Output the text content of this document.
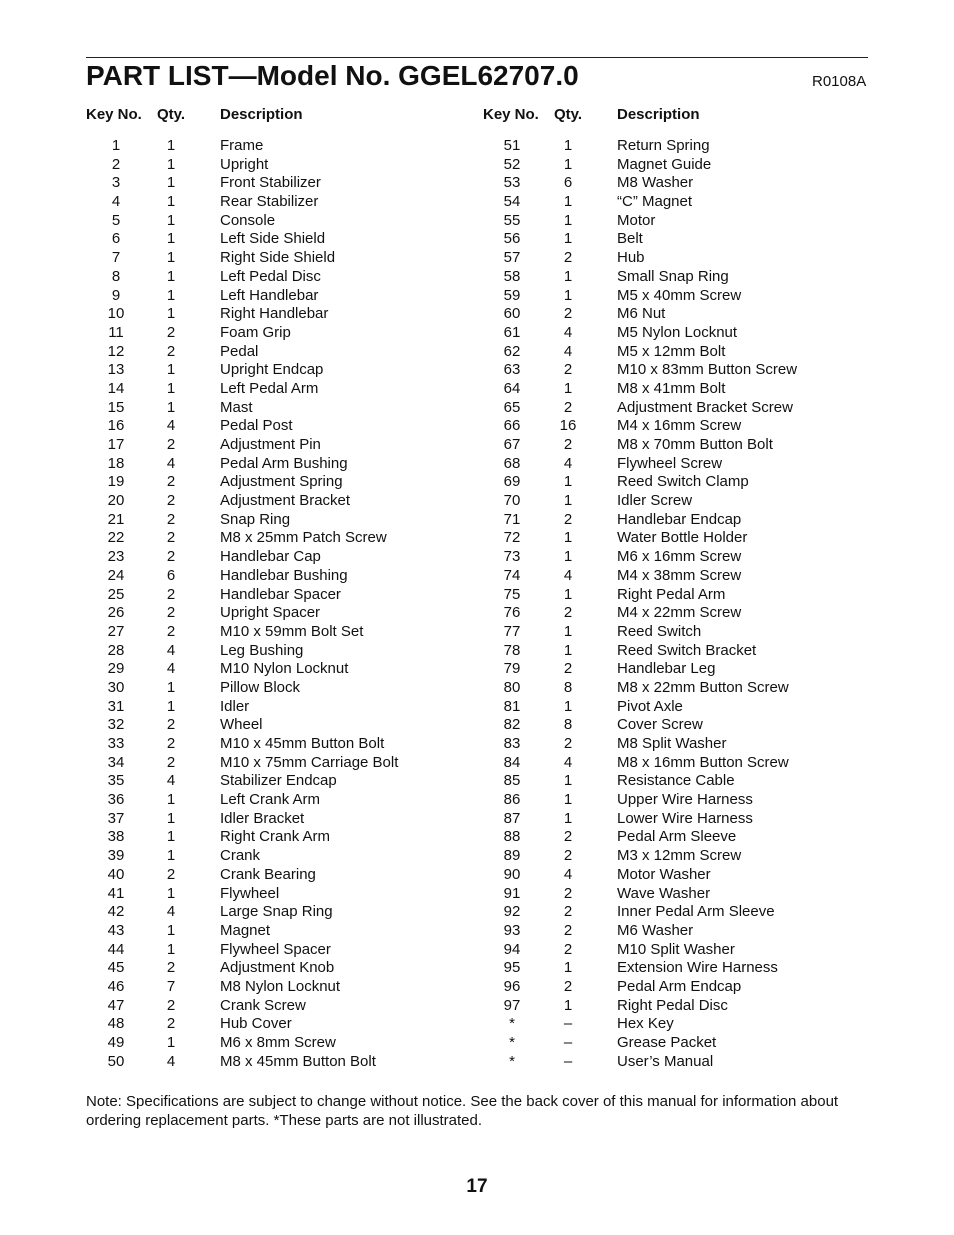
PART LIST—Model No. GGEL62707.0	R0108A
Key No. Qty. Description	Key No. Qty. Description
1	1	Frame
2	1	Upright
3	1	Front Stabilizer
4	1	Rear Stabilizer
5	1	Console
6	1	Left Side Shield
7	1	Right Side Shield
8	1	Left Pedal Disc
9	1	Left Handlebar
10	1	Right Handlebar
11	2	Foam Grip
12	2	Pedal
13	1	Upright Endcap
14	1	Left Pedal Arm
15	1	Mast
16	4	Pedal Post
17	2	Adjustment Pin
18	4	Pedal Arm Bushing
19	2	Adjustment Spring
20	2	Adjustment Bracket
21	2	Snap Ring
22	2	M8 x 25mm Patch Screw
23	2	Handlebar Cap
24	6	Handlebar Bushing
25	2	Handlebar Spacer
26	2	Upright Spacer
27	2	M10 x 59mm Bolt Set
28	4	Leg Bushing
29	4	M10 Nylon Locknut
30	1	Pillow Block
31	1	Idler
32	2	Wheel
33	2	M10 x 45mm Button Bolt
34	2	M10 x 75mm Carriage Bolt
35	4	Stabilizer Endcap
36	1	Left Crank Arm
37	1	Idler Bracket
38	1	Right Crank Arm
39	1	Crank
40	2	Crank Bearing
41	1	Flywheel
42	4	Large Snap Ring
43	1	Magnet
44	1	Flywheel Spacer
45	2	Adjustment Knob
46	7	M8 Nylon Locknut
47	2	Crank Screw
48	2	Hub Cover
49	1	M6 x 8mm Screw
50	4	M8 x 45mm Button Bolt
51	1	Return Spring
52	1	Magnet Guide
53	6	M8 Washer
54	1	“C” Magnet
55	1	Motor
56	1	Belt
57	2	Hub
58	1	Small Snap Ring
59	1	M5 x 40mm Screw
60	2	M6 Nut
61	4	M5 Nylon Locknut
62	4	M5 x 12mm Bolt
63	2	M10 x 83mm Button Screw
64	1	M8 x 41mm Bolt
65	2	Adjustment Bracket Screw
66	16	M4 x 16mm Screw
67	2	M8 x 70mm Button Bolt
68	4	Flywheel Screw
69	1	Reed Switch Clamp
70	1	Idler Screw
71	2	Handlebar Endcap
72	1	Water Bottle Holder
73	1	M6 x 16mm Screw
74	4	M4 x 38mm Screw
75	1	Right Pedal Arm
76	2	M4 x 22mm Screw
77	1	Reed Switch
78	1	Reed Switch Bracket
79	2	Handlebar Leg
80	8	M8 x 22mm Button Screw
81	1	Pivot Axle
82	8	Cover Screw
83	2	M8 Split Washer
84	4	M8 x 16mm Button Screw
85	1	Resistance Cable
86	1	Upper Wire Harness
87	1	Lower Wire Harness
88	2	Pedal Arm Sleeve
89	2	M3 x 12mm Screw
90	4	Motor Washer
91	2	Wave Washer
92	2	Inner Pedal Arm Sleeve
93	2	M6 Washer
94	2	M10 Split Washer
95	1	Extension Wire Harness
96	2	Pedal Arm Endcap
97	1	Right Pedal Disc
*	–	Hex Key
*	–	Grease Packet
*	–	User’s Manual
Note: Specifications are subject to change without notice. See the back cover of this manual for information about ordering replacement parts. *These parts are not illustrated.
17
